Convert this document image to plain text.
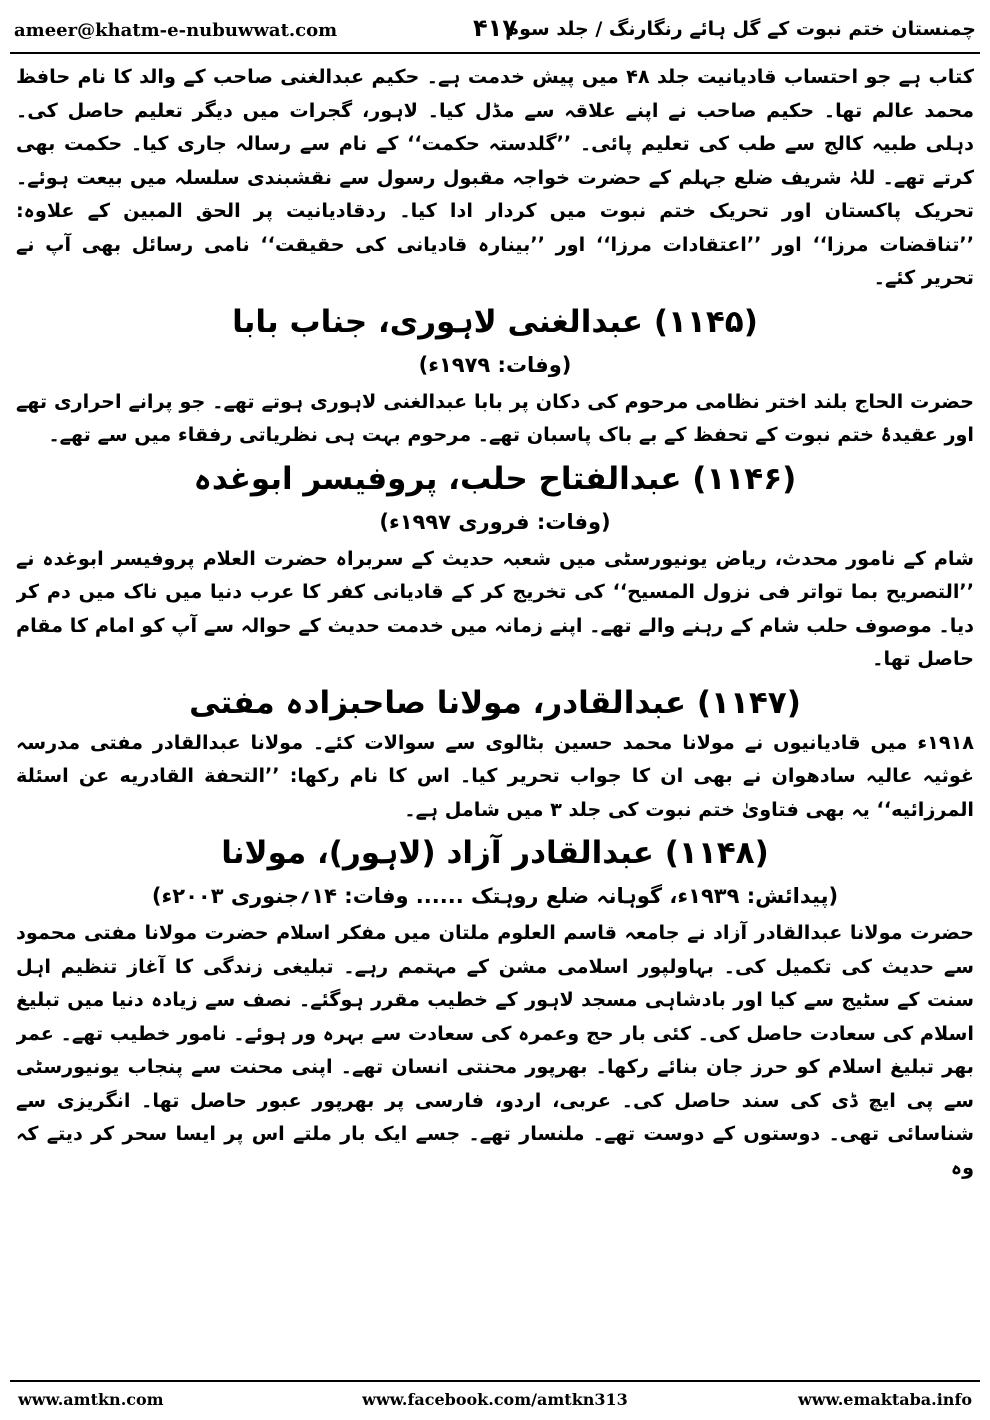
ameer@khatm-e-nubuwwat.com	۴۱۷
چمنستان ختم نبوت کے گل ہائے رنگارنگ / جلد سوم

کتاب ہے جو احتساب قادیانیت جلد ۴۸ میں پیش خدمت ہے۔ حکیم عبدالغنی صاحب کے والد کا نام حافظ محمد عالم تھا۔ حکیم صاحب نے اپنے علاقہ سے مڈل کیا۔ لاہور، گجرات میں دیگر تعلیم حاصل کی۔ دہلی طبیہ کالج سے طب کی تعلیم پائی۔ ’’گلدستہ حکمت‘‘ کے نام سے رسالہ جاری کیا۔ حکمت بھی کرتے تھے۔ للہٰ شریف ضلع جہلم کے حضرت خواجہ مقبول رسول سے نقشبندی سلسلہ میں بیعت ہوئے۔ تحریک پاکستان اور تحریک ختم نبوت میں کردار ادا کیا۔ ردقادیانیت پر الحق المبین کے علاوہ: ’’تناقضات مرزا‘‘ اور ’’اعتقادات مرزا‘‘ اور ’’بینارہ قادیانی کی حقیقت‘‘ نامی رسائل بھی آپ نے تحریر کئے۔

(۱۱۴۵) عبدالغنی لاہوری، جناب بابا
(وفات: ۱۹۷۹ء)

حضرت الحاج بلند اختر نظامی مرحوم کی دکان پر بابا عبدالغنی لاہوری ہوتے تھے۔ جو پرانے احراری تھے اور عقیدۂ ختم نبوت کے تحفظ کے بے باک پاسبان تھے۔ مرحوم بہت ہی نظریاتی رفقاء میں سے تھے۔

(۱۱۴۶) عبدالفتاح حلب، پروفیسر ابوغدہ
(وفات: فروری ۱۹۹۷ء)

شام کے نامور محدث، ریاض یونیورسٹی میں شعبہ حدیث کے سربراہ حضرت العلام پروفیسر ابوغدہ نے ’’التصریح بما تواتر فی نزول المسیح‘‘ کی تخریج کر کے قادیانی کفر کا عرب دنیا میں ناک میں دم کر دیا۔ موصوف حلب شام کے رہنے والے تھے۔ اپنے زمانہ میں خدمت حدیث کے حوالہ سے آپ کو امام کا مقام حاصل تھا۔

(۱۱۴۷) عبدالقادر، مولانا صاحبزادہ مفتی

۱۹۱۸ء میں قادیانیوں نے مولانا محمد حسین بٹالوی سے سوالات کئے۔ مولانا عبدالقادر مفتی مدرسہ غوثیہ عالیہ سادھوان نے بھی ان کا جواب تحریر کیا۔ اس کا نام رکھا: ’’التحفة القادریه عن اسئلة المرزائیه‘‘ یہ بھی فتاویٰ ختم نبوت کی جلد ۳ میں شامل ہے۔

(۱۱۴۸) عبدالقادر آزاد (لاہور)، مولانا
(پیدائش: ۱۹۳۹ء، گوہانہ ضلع روہتک ...... وفات: ۱۴؍جنوری ۲۰۰۳ء)

حضرت مولانا عبدالقادر آزاد نے جامعہ قاسم العلوم ملتان میں مفکر اسلام حضرت مولانا مفتی محمود سے حدیث کی تکمیل کی۔ بہاولپور اسلامی مشن کے مہتمم رہے۔ تبلیغی زندگی کا آغاز تنظیم اہل سنت کے سٹیج سے کیا اور بادشاہی مسجد لاہور کے خطیب مقرر ہوگئے۔ نصف سے زیادہ دنیا میں تبلیغ اسلام کی سعادت حاصل کی۔ کئی بار حج وعمرہ کی سعادت سے بہرہ ور ہوئے۔ نامور خطیب تھے۔ عمر بھر تبلیغ اسلام کو حرز جان بنائے رکھا۔ بھرپور محنتی انسان تھے۔ اپنی محنت سے پنجاب یونیورسٹی سے پی ایچ ڈی کی سند حاصل کی۔ عربی، اردو، فارسی پر بھرپور عبور حاصل تھا۔ انگریزی سے شناسائی تھی۔ دوستوں کے دوست تھے۔ ملنسار تھے۔ جسے ایک بار ملتے اس پر ایسا سحر کر دیتے کہ وہ

www.amtkn.com	www.facebook.com/amtkn313	www.emaktaba.info
